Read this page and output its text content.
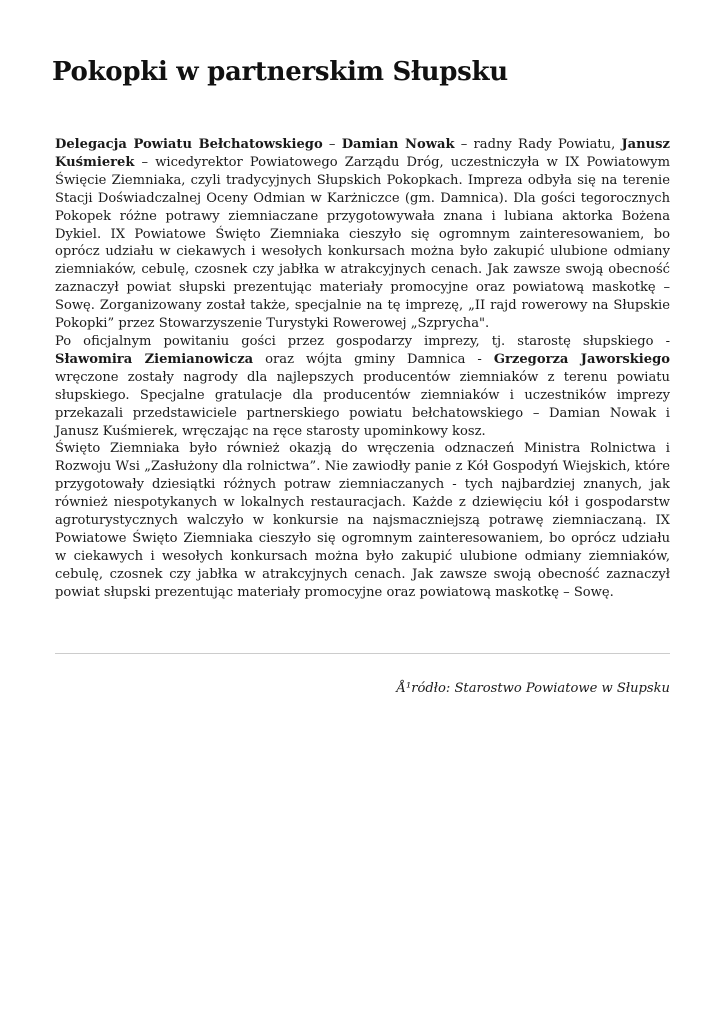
Pokopki w partnerskim Słupsku

Delegacja Powiatu Bełchatowskiego – Damian Nowak – radny Rady Powiatu, Janusz Kuśmierek – wicedyrektor Powiatowego Zarządu Dróg, uczestniczyła w IX Powiatowym Święcie Ziemniaka, czyli tradycyjnych Słupskich Pokopkach. Impreza odbyła się na terenie Stacji Doświadczalnej Oceny Odmian w Karżniczce (gm. Damnica). Dla gości tegorocznych Pokopek różne potrawy ziemniaczane przygotowywała znana i lubiana aktorka Bożena Dykiel. IX Powiatowe Święto Ziemniaka cieszyło się ogromnym zainteresowaniem, bo oprócz udziału w ciekawych i wesołych konkursach można było zakupić ulubione odmiany ziemniaków, cebulę, czosnek czy jabłka w atrakcyjnych cenach. Jak zawsze swoją obecność zaznaczył powiat słupski prezentując materiały promocyjne oraz powiatową maskotkę – Sowę. Zorganizowany został także, specjalnie na tę imprezę, „II rajd rowerowy na Słupskie Pokopki” przez Stowarzyszenie Turystyki Rowerowej „Szprycha".

Po oficjalnym powitaniu gości przez gospodarzy imprezy, tj. starostę słupskiego - Sławomira Ziemianowicza oraz wójta gminy Damnica - Grzegorza Jaworskiego wręczone zostały nagrody dla najlepszych producentów ziemniaków z terenu powiatu słupskiego. Specjalne gratulacje dla producentów ziemniaków i uczestników imprezy przekazali przedstawiciele partnerskiego powiatu bełchatowskiego – Damian Nowak i Janusz Kuśmierek, wręczając na ręce starosty upominkowy kosz.

Święto Ziemniaka było również okazją do wręczenia odznaczeń Ministra Rolnictwa i Rozwoju Wsi „Zasłużony dla rolnictwa”. Nie zawiodły panie z Kół Gospodyń Wiejskich, które przygotowały dziesiątki różnych potraw ziemniaczanych - tych najbardziej znanych, jak również niespotykanych w lokalnych restauracjach. Każde z dziewięciu kół i gospodarstw agroturystycznych walczyło w konkursie na najsmaczniejszą potrawę ziemniaczaną. IX Powiatowe Święto Ziemniaka cieszyło się ogromnym zainteresowaniem, bo oprócz udziału w ciekawych i wesołych konkursach można było zakupić ulubione odmiany ziemniaków, cebulę, czosnek czy jabłka w atrakcyjnych cenach. Jak zawsze swoją obecność zaznaczył powiat słupski prezentując materiały promocyjne oraz powiatową maskotkę – Sowę.

Å¹ródło: Starostwo Powiatowe w Słupsku
